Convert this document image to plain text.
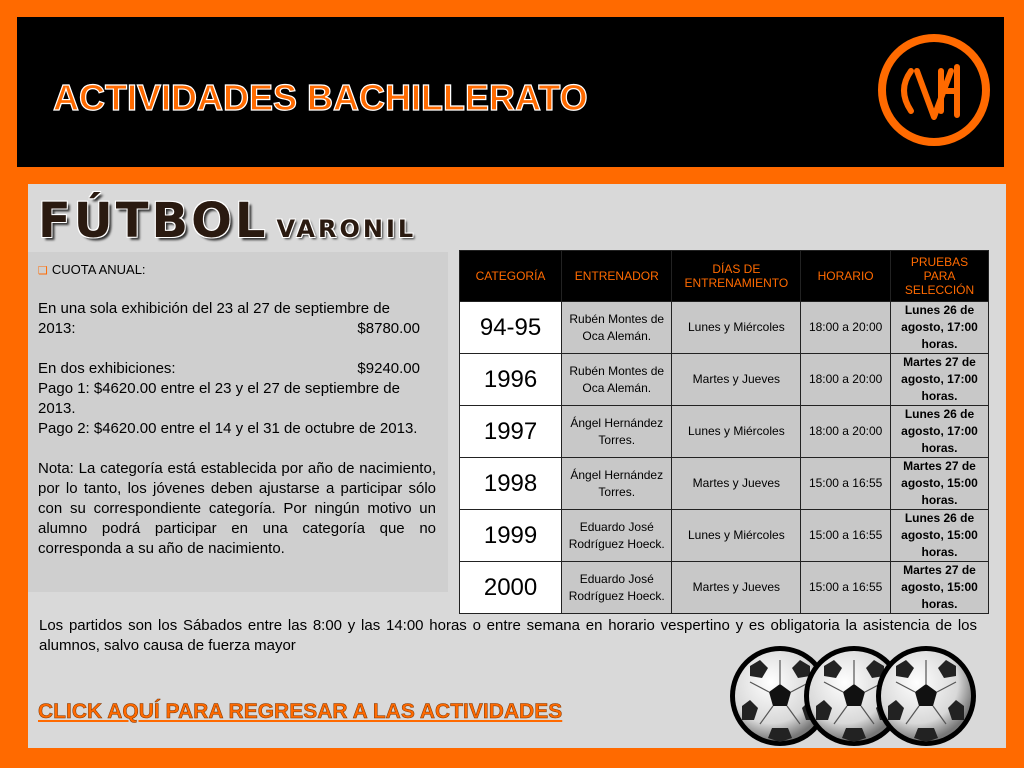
ACTIVIDADES BACHILLERATO
FÚTBOL VARONIL
❑ CUOTA ANUAL:
En una sola exhibición del 23 al 27 de septiembre de
2013:	$8780.00
En dos exhibiciones:	$9240.00
Pago 1: $4620.00 entre el 23 y el 27 de septiembre de 2013.
Pago 2: $4620.00 entre el 14 y el 31 de octubre de 2013.
Nota: La categoría está establecida por año de nacimiento, por lo tanto, los jóvenes deben ajustarse a participar sólo con su correspondiente categoría. Por ningún motivo un alumno podrá participar en una categoría que no corresponda a su año de nacimiento.
CATEGORÍA	ENTRENADOR	DÍAS DE ENTRENAMIENTO	HORARIO	PRUEBAS PARA SELECCIÓN
94-95	Rubén Montes de Oca Alemán.	Lunes y Miércoles	18:00 a 20:00	Lunes 26 de agosto, 17:00 horas.
1996	Rubén Montes de Oca Alemán.	Martes y Jueves	18:00 a 20:00	Martes 27 de agosto, 17:00 horas.
1997	Ángel Hernández Torres.	Lunes y Miércoles	18:00 a 20:00	Lunes 26 de agosto, 17:00 horas.
1998	Ángel Hernández Torres.	Martes y Jueves	15:00 a 16:55	Martes 27 de agosto, 15:00 horas.
1999	Eduardo José Rodríguez Hoeck.	Lunes y Miércoles	15:00 a 16:55	Lunes 26 de agosto, 15:00 horas.
2000	Eduardo José Rodríguez Hoeck.	Martes y Jueves	15:00 a 16:55	Martes 27 de agosto, 15:00 horas.
Los partidos son los Sábados entre las 8:00 y las 14:00 horas o entre semana en horario vespertino y es obligatoria la asistencia de los alumnos, salvo causa de fuerza mayor
CLICK AQUÍ PARA REGRESAR A LAS ACTIVIDADES
